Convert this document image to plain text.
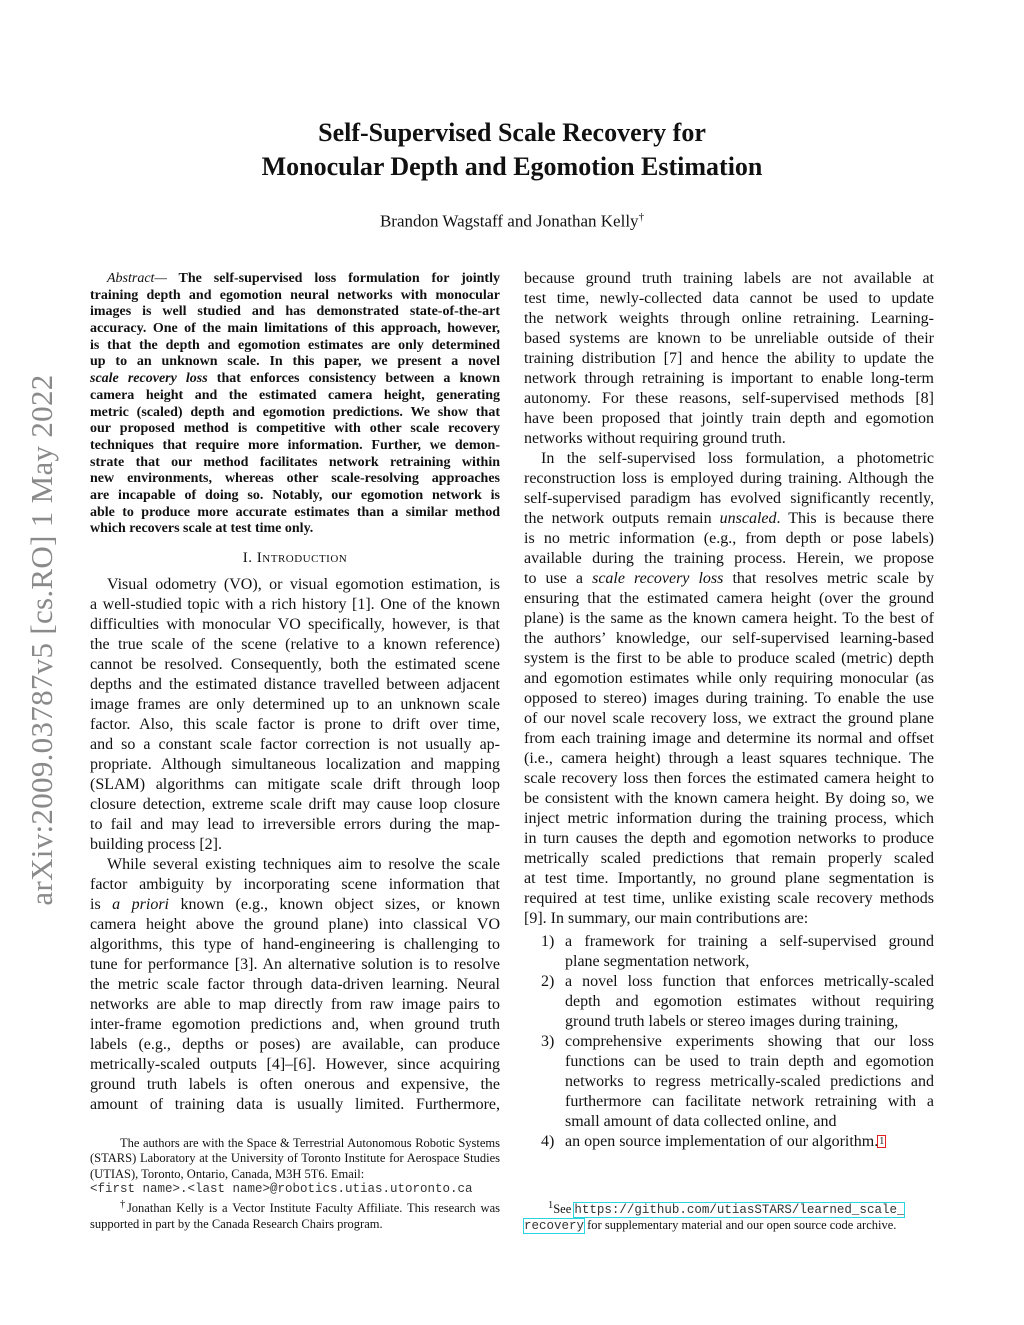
arXiv:2009.03787v5 [cs.RO] 1 May 2022
Self-Supervised Scale Recovery for
Monocular Depth and Egomotion Estimation
Brandon Wagstaff and Jonathan Kelly†
Abstract— The self-supervised loss formulation for jointly
training depth and egomotion neural networks with monocular
images is well studied and has demonstrated state-of-the-art
accuracy. One of the main limitations of this approach, however,
is that the depth and egomotion estimates are only determined
up to an unknown scale. In this paper, we present a novel
scale recovery loss that enforces consistency between a known
camera height and the estimated camera height, generating
metric (scaled) depth and egomotion predictions. We show that
our proposed method is competitive with other scale recovery
techniques that require more information. Further, we demon-
strate that our method facilitates network retraining within
new environments, whereas other scale-resolving approaches
are incapable of doing so. Notably, our egomotion network is
able to produce more accurate estimates than a similar method
which recovers scale at test time only.
I. Introduction
Visual odometry (VO), or visual egomotion estimation, is
a well-studied topic with a rich history [1]. One of the known
difficulties with monocular VO specifically, however, is that
the true scale of the scene (relative to a known reference)
cannot be resolved. Consequently, both the estimated scene
depths and the estimated distance travelled between adjacent
image frames are only determined up to an unknown scale
factor. Also, this scale factor is prone to drift over time,
and so a constant scale factor correction is not usually ap-
propriate. Although simultaneous localization and mapping
(SLAM) algorithms can mitigate scale drift through loop
closure detection, extreme scale drift may cause loop closure
to fail and may lead to irreversible errors during the map-
building process [2].
While several existing techniques aim to resolve the scale
factor ambiguity by incorporating scene information that
is a priori known (e.g., known object sizes, or known
camera height above the ground plane) into classical VO
algorithms, this type of hand-engineering is challenging to
tune for performance [3]. An alternative solution is to resolve
the metric scale factor through data-driven learning. Neural
networks are able to map directly from raw image pairs to
inter-frame egomotion predictions and, when ground truth
labels (e.g., depths or poses) are available, can produce
metrically-scaled outputs [4]–[6]. However, since acquiring
ground truth labels is often onerous and expensive, the
amount of training data is usually limited. Furthermore,
because ground truth training labels are not available at
test time, newly-collected data cannot be used to update
the network weights through online retraining. Learning-
based systems are known to be unreliable outside of their
training distribution [7] and hence the ability to update the
network through retraining is important to enable long-term
autonomy. For these reasons, self-supervised methods [8]
have been proposed that jointly train depth and egomotion
networks without requiring ground truth.
In the self-supervised loss formulation, a photometric
reconstruction loss is employed during training. Although the
self-supervised paradigm has evolved significantly recently,
the network outputs remain unscaled. This is because there
is no metric information (e.g., from depth or pose labels)
available during the training process. Herein, we propose
to use a scale recovery loss that resolves metric scale by
ensuring that the estimated camera height (over the ground
plane) is the same as the known camera height. To the best of
the authors’ knowledge, our self-supervised learning-based
system is the first to be able to produce scaled (metric) depth
and egomotion estimates while only requiring monocular (as
opposed to stereo) images during training. To enable the use
of our novel scale recovery loss, we extract the ground plane
from each training image and determine its normal and offset
(i.e., camera height) through a least squares technique. The
scale recovery loss then forces the estimated camera height to
be consistent with the known camera height. By doing so, we
inject metric information during the training process, which
in turn causes the depth and egomotion networks to produce
metrically scaled predictions that remain properly scaled
at test time. Importantly, no ground plane segmentation is
required at test time, unlike existing scale recovery methods
[9]. In summary, our main contributions are:
1) a framework for training a self-supervised ground
plane segmentation network,
2) a novel loss function that enforces metrically-scaled
depth and egomotion estimates without requiring
ground truth labels or stereo images during training,
3) comprehensive experiments showing that our loss
functions can be used to train depth and egomotion
networks to regress metrically-scaled predictions and
furthermore can facilitate network retraining with a
small amount of data collected online, and
4) an open source implementation of our algorithm.$^1$
The authors are with the Space & Terrestrial Autonomous Robotic Systems (STARS) Laboratory at the University of Toronto Institute for Aerospace Studies (UTIAS), Toronto, Ontario, Canada, M3H 5T6. Email:
<first name>.<last name>@robotics.utias.utoronto.ca
†Jonathan Kelly is a Vector Institute Faculty Affiliate. This research was supported in part by the Canada Research Chairs program.
$^1$See https://github.com/utiasSTARS/learned_scale_
recovery for supplementary material and our open source code archive.
